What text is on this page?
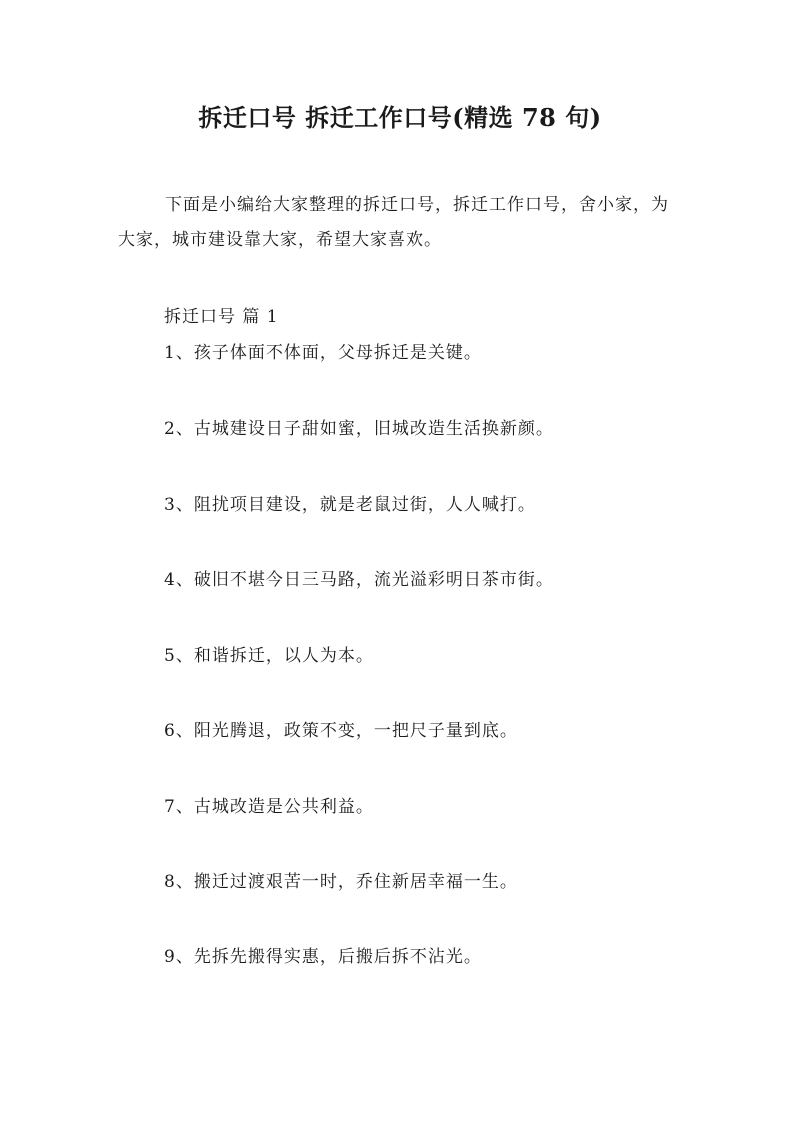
拆迁口号 拆迁工作口号(精选 78 句)

下面是小编给大家整理的拆迁口号，拆迁工作口号，舍小家，为大家，城市建设靠大家，希望大家喜欢。

拆迁口号 篇 1

1、孩子体面不体面，父母拆迁是关键。
2、古城建设日子甜如蜜，旧城改造生活换新颜。
3、阻扰项目建设，就是老鼠过街，人人喊打。
4、破旧不堪今日三马路，流光溢彩明日茶市街。
5、和谐拆迁，以人为本。
6、阳光腾退，政策不变，一把尺子量到底。
7、古城改造是公共利益。
8、搬迁过渡艰苦一时，乔住新居幸福一生。
9、先拆先搬得实惠，后搬后拆不沾光。
